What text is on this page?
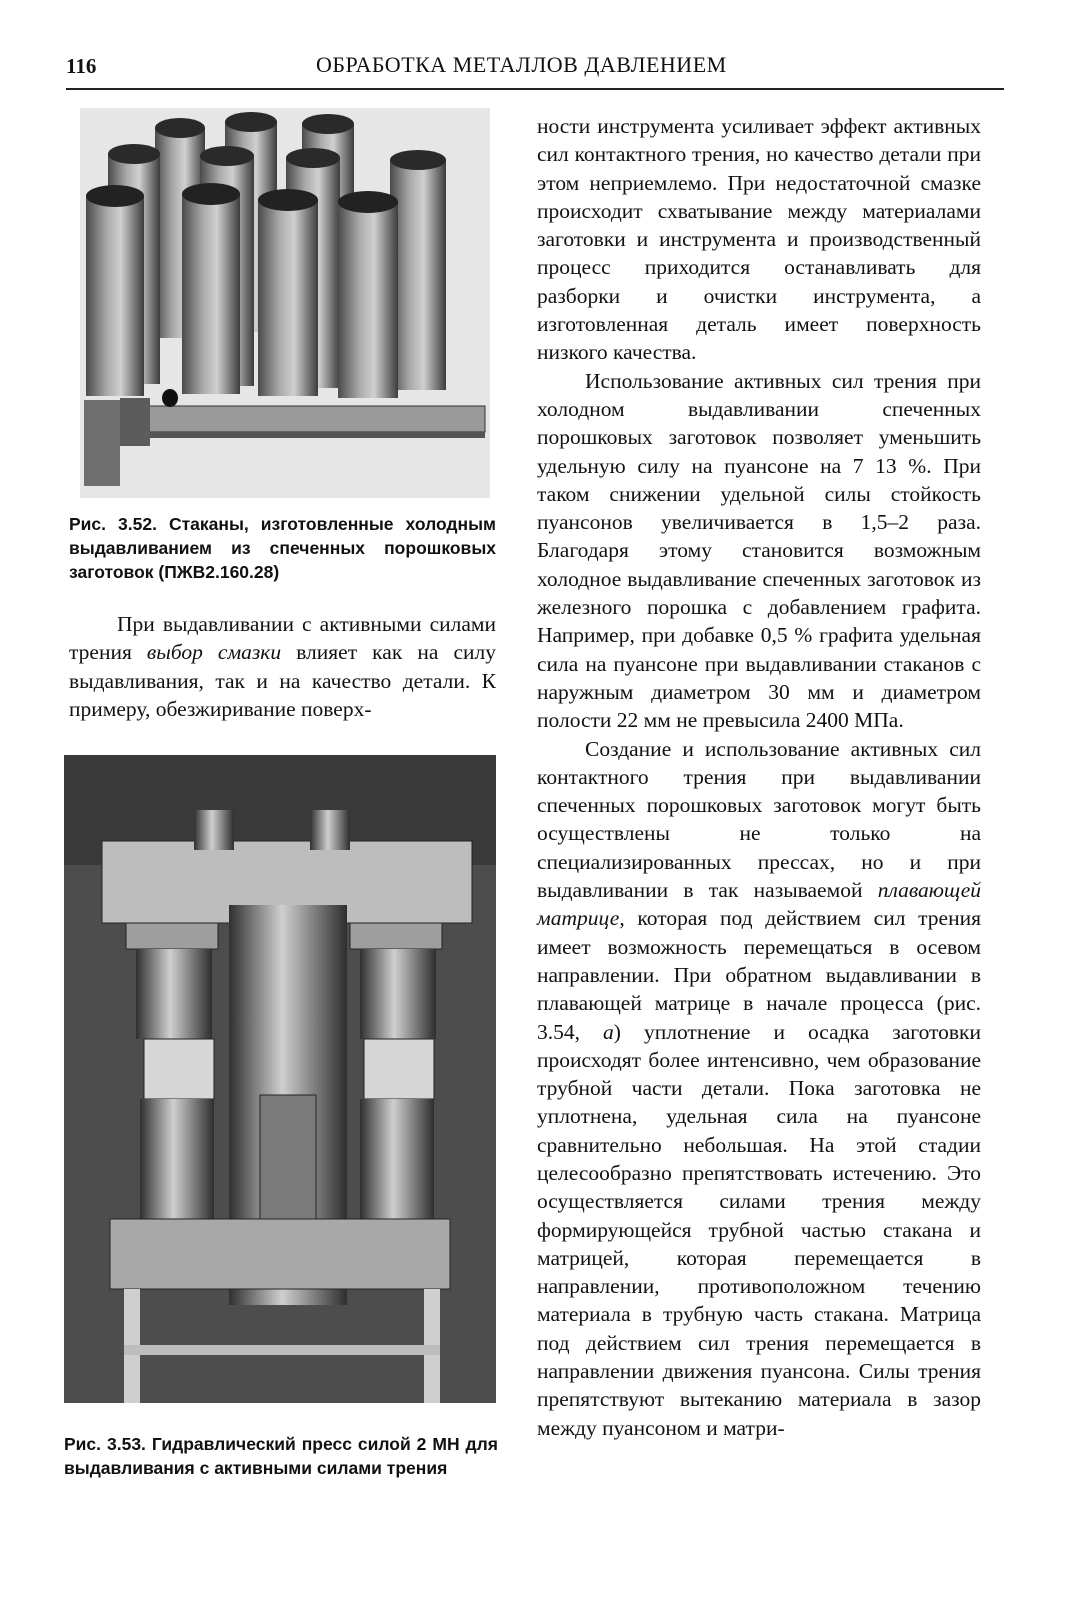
116	ОБРАБОТКА МЕТАЛЛОВ ДАВЛЕНИЕМ
Рис. 3.52. Стаканы, изготовленные холодным выдавливанием из спеченных порошковых заготовок (ПЖВ2.160.28)

При выдавливании с активными силами трения выбор смазки влияет как на силу выдавливания, так и на качество детали. К примеру, обезжиривание поверх-

Рис. 3.53. Гидравлический пресс силой 2 МН для выдавливания с активными силами трения

ности инструмента усиливает эффект активных сил контактного трения, но качество детали при этом неприемлемо. При недостаточной смазке происходит схватывание между материалами заготовки и инструмента и производственный процесс приходится останавливать для разборки и очистки инструмента, а изготовленная деталь имеет поверхность низкого качества.

Использование активных сил трения при холодном выдавливании спеченных порошковых заготовок позволяет уменьшить удельную силу на пуансоне на 7 13 %. При таком снижении удельной силы стойкость пуансонов увеличивается в 1,5–2 раза. Благодаря этому становится возможным холодное выдавливание спеченных заготовок из железного порошка с добавлением графита. Например, при добавке 0,5 % графита удельная сила на пуансоне при выдавливании стаканов с наружным диаметром 30 мм и диаметром полости 22 мм не превысила 2400 МПа.

Создание и использование активных сил контактного трения при выдавливании спеченных порошковых заготовок могут быть осуществлены не только на специализированных прессах, но и при выдавливании в так называемой плавающей матрице, которая под действием сил трения имеет возможность перемещаться в осевом направлении. При обратном выдавливании в плавающей матрице в начале процесса (рис. 3.54, а) уплотнение и осадка заготовки происходят более интенсивно, чем образование трубной части детали. Пока заготовка не уплотнена, удельная сила на пуансоне сравнительно небольшая. На этой стадии целесообразно препятствовать истечению. Это осуществляется силами трения между формирующейся трубной частью стакана и матрицей, которая перемещается в направлении, противоположном течению материала в трубную часть стакана. Матрица под действием сил трения перемещается в направлении движения пуансона. Силы трения препятствуют вытеканию материала в зазор между пуансоном и матри-
